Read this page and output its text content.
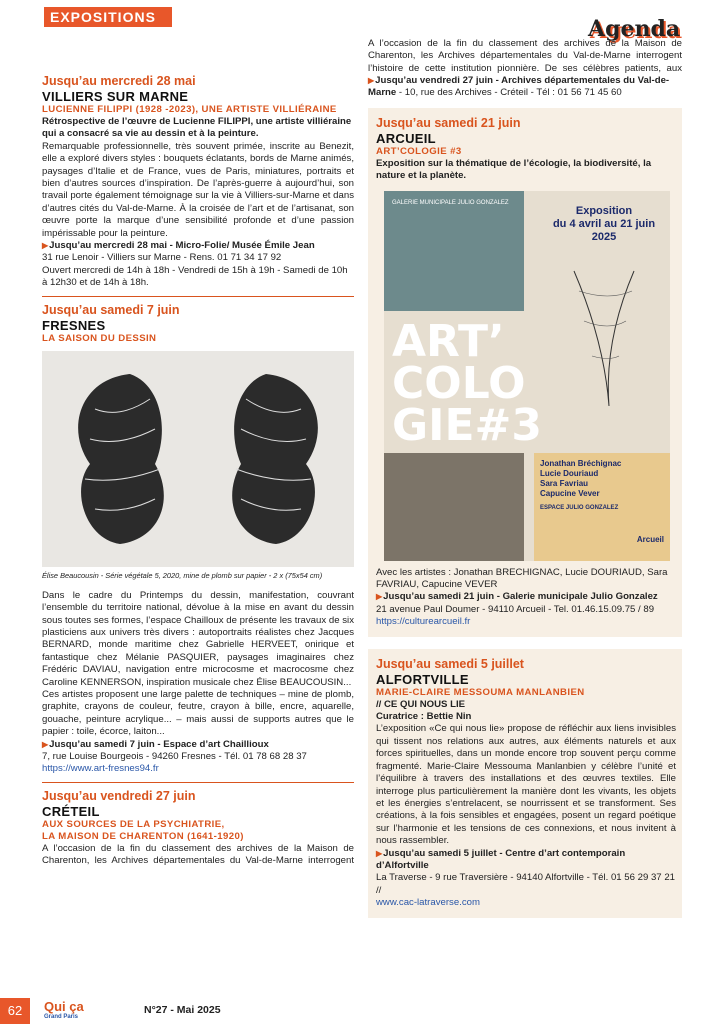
EXPOSITIONS	Agenda
Jusqu’au mercredi 28 mai
VILLIERS SUR MARNE
LUCIENNE FILIPPI (1928 -2023), UNE ARTISTE VILLIÉRAINE

Rétrospective de l’œuvre de Lucienne FILIPPI, une artiste villiéraine qui a consacré sa vie au dessin et à la peinture.

Remarquable professionnelle, très souvent primée, inscrite au Benezit, elle a exploré divers styles : bouquets éclatants, bords de Marne animés, paysages d’Italie et de France, vues de Paris, miniatures, portraits et bien d’autres sources d’inspiration. De l’après-guerre à aujourd’hui, son travail porte également témoignage sur la vie à Villiers-sur-Marne et dans d’autres cités du Val-de-Marne. À la croisée de l’art et de l’artisanat, son œuvre porte la marque d’une sensibilité profonde et d’une passion impérissable pour la peinture.

▶ Jusqu’au mercredi 28 mai - Micro-Folie/ Musée Émile Jean

31 rue Lenoir - Villiers sur Marne - Rens. 01 71 34 17 92

Ouvert mercredi de 14h à 18h - Vendredi de 15h à 19h - Samedi de 10h à 12h30 et de 14h à 18h.

Jusqu’au samedi 7 juin
FRESNES
LA SAISON DU DESSIN
Élise Beaucousin - Série végétale 5, 2020, mine de plomb sur papier - 2 x (75x54 cm)

Dans le cadre du Printemps du dessin, manifestation, couvrant l’ensemble du territoire national, dévolue à la mise en avant du dessin sous toutes ses formes, l’espace Chailloux de présente les travaux de six plasticiens aux univers très divers : autoportraits réalistes chez Jacques BERNARD, monde maritime chez Gabrielle HERVEET, onirique et fantastique chez Mélanie PASQUIER, paysages imaginaires chez Frédéric DAVIAU, navigation entre microcosme et macrocosme chez Caroline KENNERSON, inspiration musicale chez Élise BEAUCOUSIN...

Ces artistes proposent une large palette de techniques – mine de plomb, graphite, crayons de couleur, feutre, crayon à bille, encre, aquarelle, gouache, peinture acrylique... – mais aussi de supports autres que le papier : toile, écorce, laiton...

▶ Jusqu’au samedi 7 juin - Espace d’art Chaillioux

7, rue Louise Bourgeois - 94260 Fresnes - Tél. 01 78 68 28 37

https://www.art-fresnes94.fr

Jusqu’au vendredi 27 juin
CRÉTEIL
AUX SOURCES DE LA PSYCHIATRIE,
LA MAISON DE CHARENTON (1641-1920)

A l’occasion de la fin du classement des archives de la Maison de Charenton, les Archives départementales du Val-de-Marne interrogent

A l’occasion de la fin du classement des archives de la Maison de Charenton, les Archives départementales du Val-de-Marne interrogent l’histoire de cette institution pionnière. De ses célèbres patients, aux

▶ Jusqu’au vendredi 27 juin - Archives départementales du Val-de-Marne - 10, rue des Archives - Créteil - Tél : 01 56 71 45 60

Jusqu’au samedi 21 juin
ARCUEIL
ART’COLOGIE #3

Exposition sur la thématique de l’écologie, la biodiversité, la nature et la planète.

GALERIE MUNICIPALE JULIO GONZALEZ
Exposition
du 4 avril au 21 juin 2025
ART’
COLO
GIE#3
Jonathan Bréchignac
Lucie Douriaud
Sara Favriau
Capucine Vever
ESPACE JULIO GONZALEZ
Arcueil

Avec les artistes : Jonathan BRECHIGNAC, Lucie DOURIAUD, Sara FAVRIAU, Capucine VEVER

▶ Jusqu’au samedi 21 juin - Galerie municipale Julio Gonzalez

21 avenue Paul Doumer - 94110 Arcueil - Tel. 01.46.15.09.75 / 89

https://culturearcueil.fr

Jusqu’au samedi 5 juillet
ALFORTVILLE
MARIE-CLAIRE MESSOUMA MANLANBIEN
// CE QUI NOUS LIE

Curatrice : Bettie Nin

L’exposition «Ce qui nous lie» propose de réfléchir aux liens invisibles qui tissent nos relations aux autres, aux éléments naturels et aux forces spirituelles, dans un monde encore trop souvent perçu comme fragmenté. Marie-Claire Messouma Manlanbien y célèbre l’unité et l’équilibre à travers des installations et des œuvres textiles. Elle interroge plus particulièrement la manière dont les vivants, les objets et les énergies s’entrelacent, se nourrissent et se transforment. Ses créations, à la fois sensibles et engagées, posent un regard poétique sur l’harmonie et les tensions de ces connexions, et nous invitent à nous rassembler.

▶ Jusqu’au samedi 5 juillet - Centre d’art contemporain d’Alfortville

La Traverse - 9 rue Traversière - 94140 Alfortville - Tél. 01 56 29 37 21 //

www.cac-latraverse.com

62	Qui ça
Grand Paris
N°27 - Mai 2025
